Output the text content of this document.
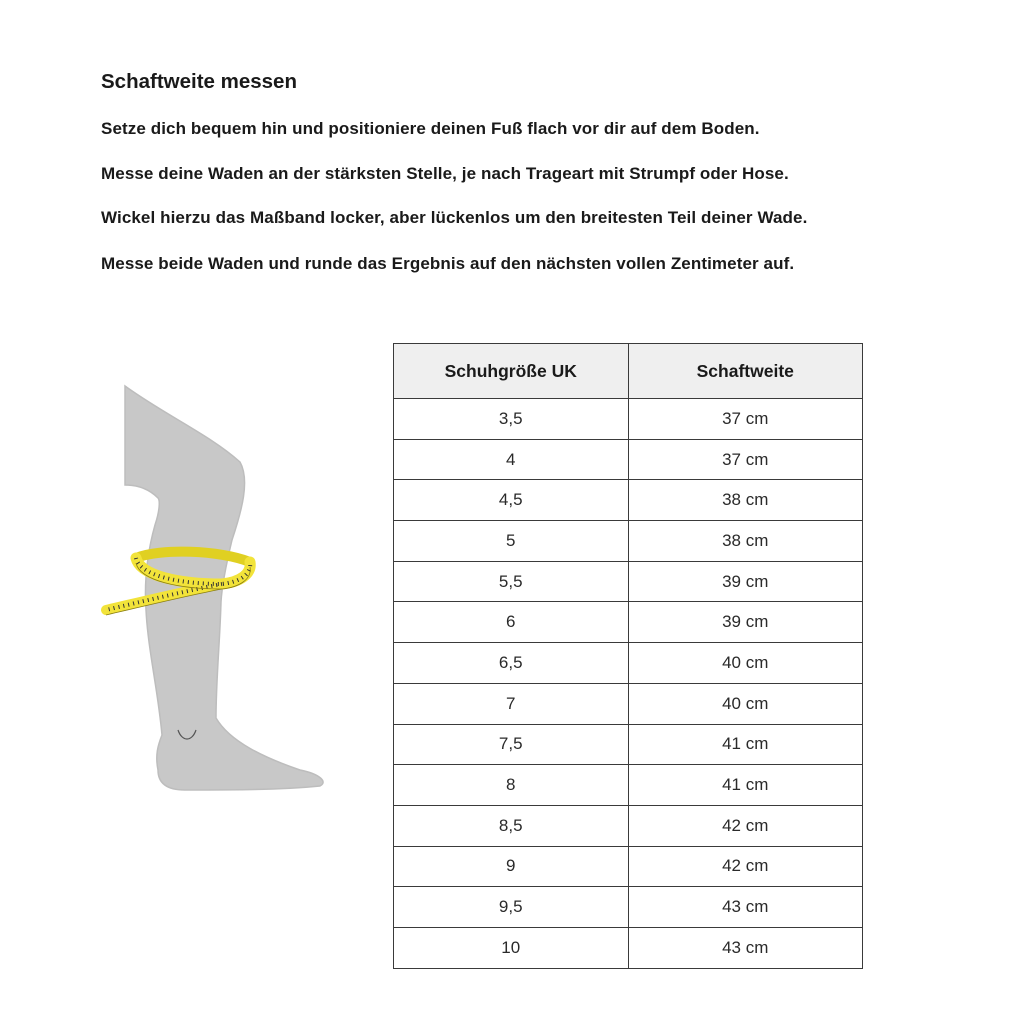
Schaftweite messen

Setze dich bequem hin und positioniere deinen Fuß flach vor dir auf dem Boden.

Messe deine Waden an der stärksten Stelle, je nach Trageart mit Strumpf oder Hose.

Wickel hierzu das Maßband locker, aber lückenlos um den breitesten Teil deiner Wade.

Messe beide Waden und runde das Ergebnis auf den nächsten vollen Zentimeter auf.

Schuhgröße UK	Schaftweite
3,5	37 cm
4	37 cm
4,5	38 cm
5	38 cm
5,5	39 cm
6	39 cm
6,5	40 cm
7	40 cm
7,5	41 cm
8	41 cm
8,5	42 cm
9	42 cm
9,5	43 cm
10	43 cm
